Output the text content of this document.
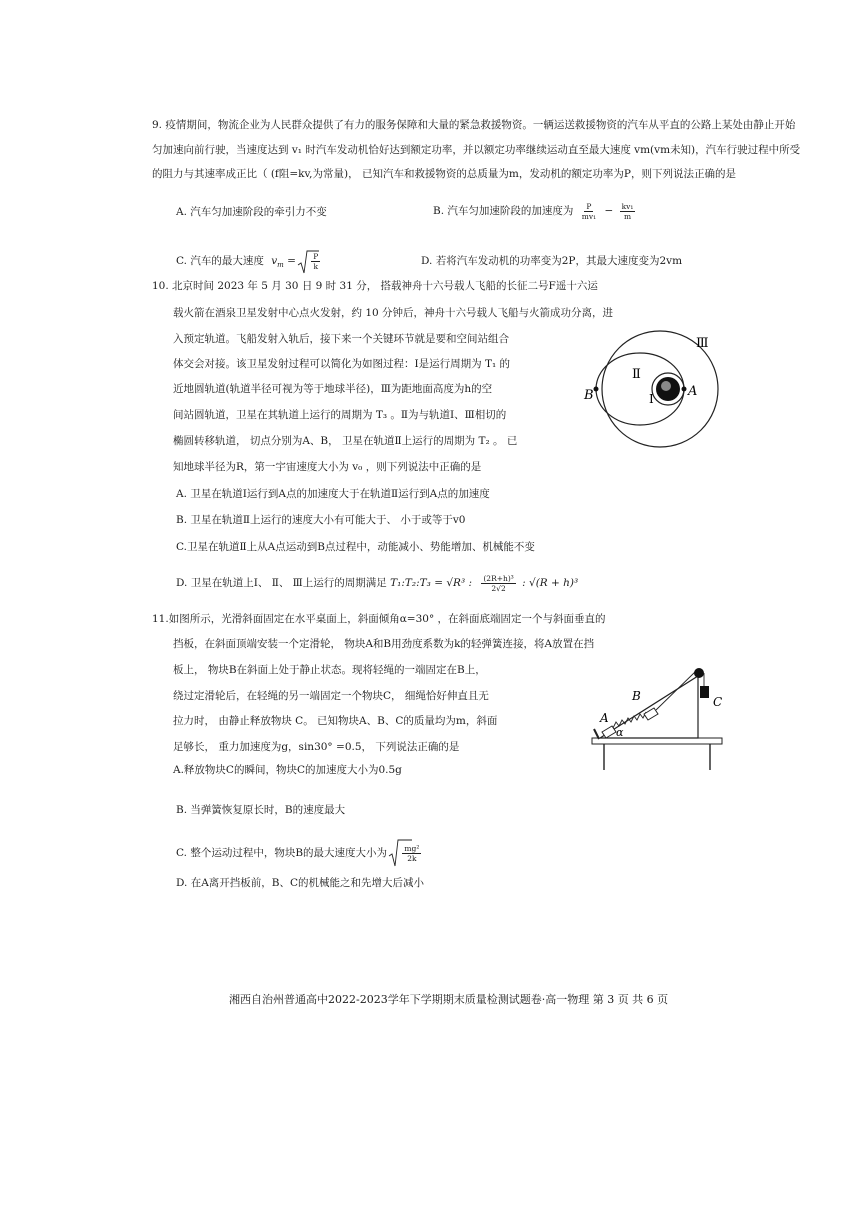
9. 疫情期间，物流企业为人民群众提供了有力的服务保障和大量的紧急救援物资。一辆运送救援物资的汽车从平直的公路上某处由静止开始
匀加速向前行驶，当速度达到 v₁ 时汽车发动机恰好达到额定功率，并以额定功率继续运动直至最大速度 vm(vm未知)，汽车行驶过程中所受
的阻力与其速率成正比（ (f阻=kv,为常量)， 已知汽车和救援物资的总质量为m，发动机的额定功率为P，则下列说法正确的是
A. 汽车匀加速阶段的牵引力不变	B. 汽车匀加速阶段的加速度为 $\frac{P}{\text{mv₁}} - \frac{\text{kv₁}}{m}$
C. 汽车的最大速度 $v_m = \frac{P}{k}$	D. 若将汽车发动机的功率变为2P，其最大速度变为2vm
10. 北京时间 2023 年 5 月 30 日 9 时 31 分， 搭载神舟十六号载人飞船的长征二号F遥十六运
载火箭在酒泉卫星发射中心点火发射，约 10 分钟后，神舟十六号载人飞船与火箭成功分离，进
入预定轨道。飞船发射入轨后，接下来一个关键环节就是要和空间站组合
体交会对接。该卫星发射过程可以简化为如图过程：Ⅰ是运行周期为 T₁ 的
近地圆轨道(轨道半径可视为等于地球半径)，Ⅲ为距地面高度为h的空
间站圆轨道，卫星在其轨道上运行的周期为 T₃ 。Ⅱ为与轨道Ⅰ、Ⅲ相切的
椭圆转移轨道， 切点分别为A、B， 卫星在轨道Ⅱ上运行的周期为 T₂ 。 已
知地球半径为R，第一宇宙速度大小为 v₀ ，则下列说法中正确的是
A. 卫星在轨道Ⅰ运行到A点的加速度大于在轨道Ⅱ运行到A点的加速度
B. 卫星在轨道Ⅱ上运行的速度大小有可能大于、 小于或等于v0
C.卫星在轨道Ⅱ上从A点运动到B点过程中，动能减小、势能增加、机械能不变
D. 卫星在轨道上Ⅰ、 Ⅱ、 Ⅲ上运行的周期满足 T₁:T₂:T₃ = √R³ : $\frac{\text{(2R+h)³}}{2√2}$ : √(R + h)³
Ⅲ
Ⅱ
Ⅰ	A
B
11.如图所示，光滑斜面固定在水平桌面上，斜面倾角α=30° ，在斜面底端固定一个与斜面垂直的
挡板，在斜面顶端安装一个定滑轮， 物块A和B用劲度系数为k的轻弹簧连接，将A放置在挡
板上， 物块B在斜面上处于静止状态。现将轻绳的一端固定在B上，
绕过定滑轮后，在轻绳的另一端固定一个物块C， 细绳恰好伸直且无
拉力时， 由静止释放物块 C。 已知物块A、B、C的质量均为m，斜面
足够长， 重力加速度为g，sin30° =0.5， 下列说法正确的是
A.释放物块C的瞬间，物块C的加速度大小为0.5g
B. 当弹簧恢复原长时，B的速度最大
C. 整个运动过程中，物块B的最大速度大小为 $\frac{\text{mg²}}{2k}$
D. 在A离开挡板前，B、C的机械能之和先增大后减小
A
B	C
α
湘西自治州普通高中2022-2023学年下学期期末质量检测试题卷·高一物理 第 3 页 共 6 页
